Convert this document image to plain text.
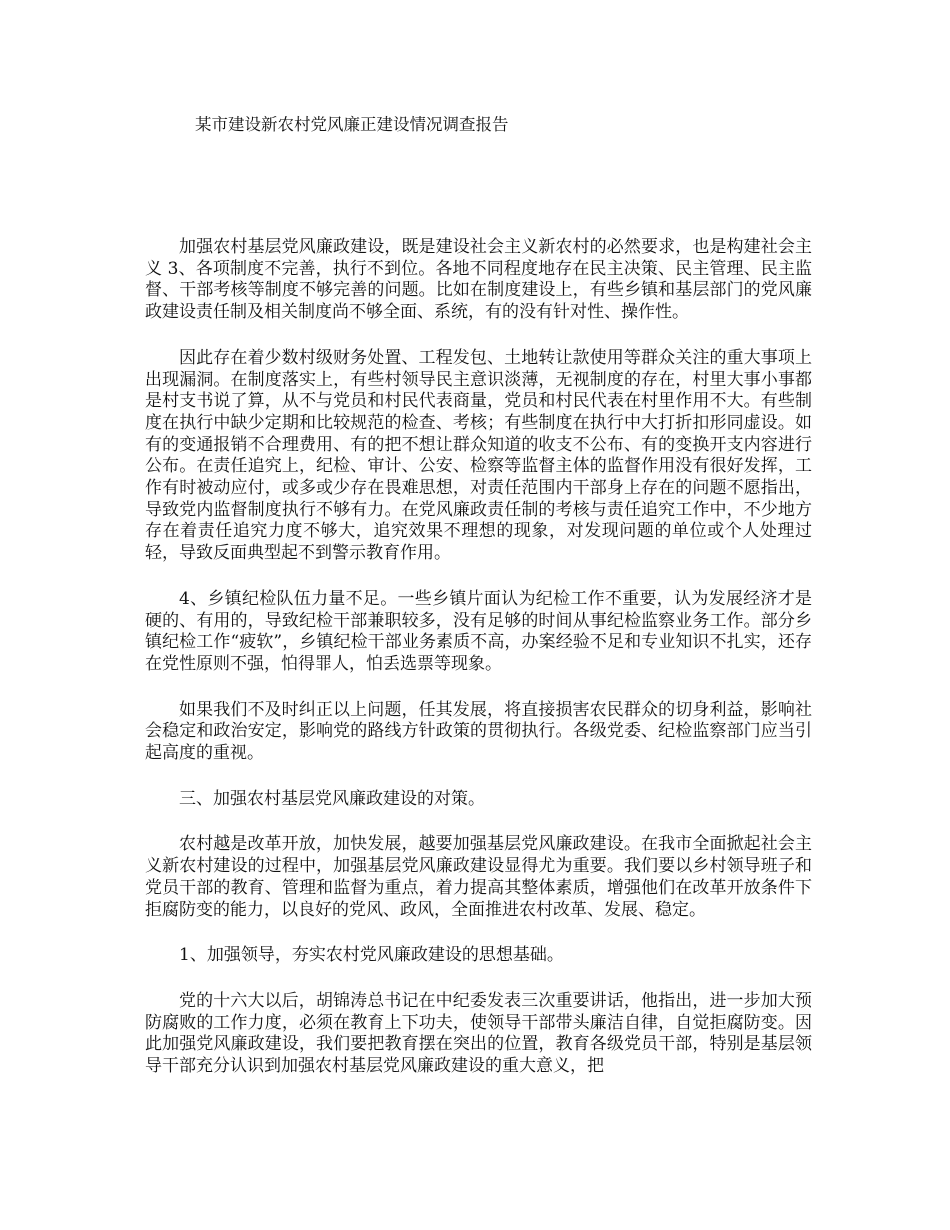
某市建设新农村党风廉正建设情况调查报告

加强农村基层党风廉政建设，既是建设社会主义新农村的必然要求，也是构建社会主义 3、各项制度不完善，执行不到位。各地不同程度地存在民主决策、民主管理、民主监督、干部考核等制度不够完善的问题。比如在制度建设上，有些乡镇和基层部门的党风廉政建设责任制及相关制度尚不够全面、系统，有的没有针对性、操作性。

因此存在着少数村级财务处置、工程发包、土地转让款使用等群众关注的重大事项上出现漏洞。在制度落实上，有些村领导民主意识淡薄，无视制度的存在，村里大事小事都是村支书说了算，从不与党员和村民代表商量，党员和村民代表在村里作用不大。有些制度在执行中缺少定期和比较规范的检查、考核；有些制度在执行中大打折扣形同虚设。如有的变通报销不合理费用、有的把不想让群众知道的收支不公布、有的变换开支内容进行公布。在责任追究上，纪检、审计、公安、检察等监督主体的监督作用没有很好发挥，工作有时被动应付，或多或少存在畏难思想，对责任范围内干部身上存在的问题不愿指出，导致党内监督制度执行不够有力。在党风廉政责任制的考核与责任追究工作中，不少地方存在着责任追究力度不够大，追究效果不理想的现象，对发现问题的单位或个人处理过轻，导致反面典型起不到警示教育作用。

4、乡镇纪检队伍力量不足。一些乡镇片面认为纪检工作不重要，认为发展经济才是硬的、有用的，导致纪检干部兼职较多，没有足够的时间从事纪检监察业务工作。部分乡镇纪检工作“疲软”，乡镇纪检干部业务素质不高，办案经验不足和专业知识不扎实，还存在党性原则不强，怕得罪人，怕丢选票等现象。

如果我们不及时纠正以上问题，任其发展，将直接损害农民群众的切身利益，影响社会稳定和政治安定，影响党的路线方针政策的贯彻执行。各级党委、纪检监察部门应当引起高度的重视。

三、加强农村基层党风廉政建设的对策。

农村越是改革开放，加快发展，越要加强基层党风廉政建设。在我市全面掀起社会主义新农村建设的过程中，加强基层党风廉政建设显得尤为重要。我们要以乡村领导班子和党员干部的教育、管理和监督为重点，着力提高其整体素质，增强他们在改革开放条件下拒腐防变的能力，以良好的党风、政风，全面推进农村改革、发展、稳定。

1、加强领导，夯实农村党风廉政建设的思想基础。

党的十六大以后，胡锦涛总书记在中纪委发表三次重要讲话，他指出，进一步加大预防腐败的工作力度，必须在教育上下功夫，使领导干部带头廉洁自律，自觉拒腐防变。因此加强党风廉政建设，我们要把教育摆在突出的位置，教育各级党员干部，特别是基层领导干部充分认识到加强农村基层党风廉政建设的重大意义，把
